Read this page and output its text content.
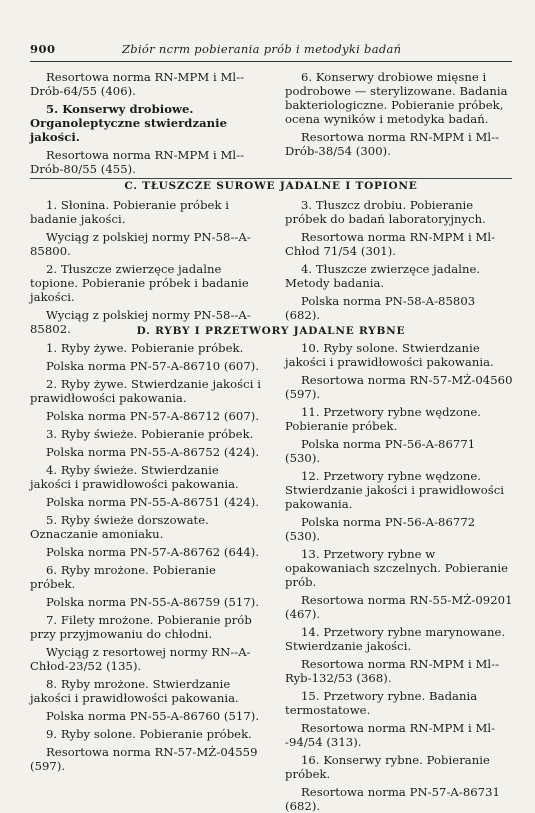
900	Zbiór ncrm pobierania prób i metodyki badań

Resortowa norma RN-MPM i Ml--Drób-64/55 (406).

5. Konserwy drobiowe. Organoleptyczne stwierdzanie jakości.

Resortowa norma RN-MPM i Ml--Drób-80/55 (455).

6. Konserwy drobiowe mięsne i podrobowe — sterylizowane. Badania bakteriologiczne. Pobieranie próbek, ocena wyników i metodyka badań.

Resortowa norma RN-MPM i Ml--Drób-38/54 (300).

C. TŁUSZCZE SUROWE JADALNE I TOPIONE

1. Słonina. Pobieranie próbek i badanie jakości.

Wyciąg z polskiej normy PN-58--A-85800.

2. Tłuszcze zwierzęce jadalne topione. Pobieranie próbek i badanie jakości.

Wyciąg z polskiej normy PN-58--A-85802.

3. Tłuszcz drobiu. Pobieranie próbek do badań laboratoryjnych.

Resortowa norma RN-MPM i Ml-Chłod 71/54 (301).

4. Tłuszcze zwierzęce jadalne. Metody badania.

Polska norma PN-58-A-85803 (682).

D. RYBY I PRZETWORY JADALNE RYBNE

1. Ryby żywe. Pobieranie próbek.

Polska norma PN-57-A-86710 (607).

2. Ryby żywe. Stwierdzanie jakości i prawidłowości pakowania.

Polska norma PN-57-A-86712 (607).

3. Ryby świeże. Pobieranie próbek.

Polska norma PN-55-A-86752 (424).

4. Ryby świeże. Stwierdzanie jakości i prawidłowości pakowania.

Polska norma PN-55-A-86751 (424).

5. Ryby świeże dorszowate. Oznaczanie amoniaku.

Polska norma PN-57-A-86762 (644).

6. Ryby mrożone. Pobieranie próbek.

Polska norma PN-55-A-86759 (517).

7. Filety mrożone. Pobieranie prób przy przyjmowaniu do chłodni.

Wyciąg z resortowej normy RN--A-Chłod-23/52 (135).

8. Ryby mrożone. Stwierdzanie jakości i prawidłowości pakowania.

Polska norma PN-55-A-86760 (517).

9. Ryby solone. Pobieranie próbek.

Resortowa norma RN-57-MŻ-04559 (597).

10. Ryby solone. Stwierdzanie jakości i prawidłowości pakowania.

Resortowa norma RN-57-MŻ-04560 (597).

11. Przetwory rybne wędzone. Pobieranie próbek.

Polska norma PN-56-A-86771 (530).

12. Przetwory rybne wędzone. Stwierdzanie jakości i prawidłowości pakowania.

Polska norma PN-56-A-86772 (530).

13. Przetwory rybne w opakowaniach szczelnych. Pobieranie prób.

Resortowa norma RN-55-MŻ-09201 (467).

14. Przetwory rybne marynowane. Stwierdzanie jakości.

Resortowa norma RN-MPM i Ml--Ryb-132/53 (368).

15. Przetwory rybne. Badania termostatowe.

Resortowa norma RN-MPM i Ml--94/54 (313).

16. Konserwy rybne. Pobieranie próbek.

Resortowa norma PN-57-A-86731 (682).
